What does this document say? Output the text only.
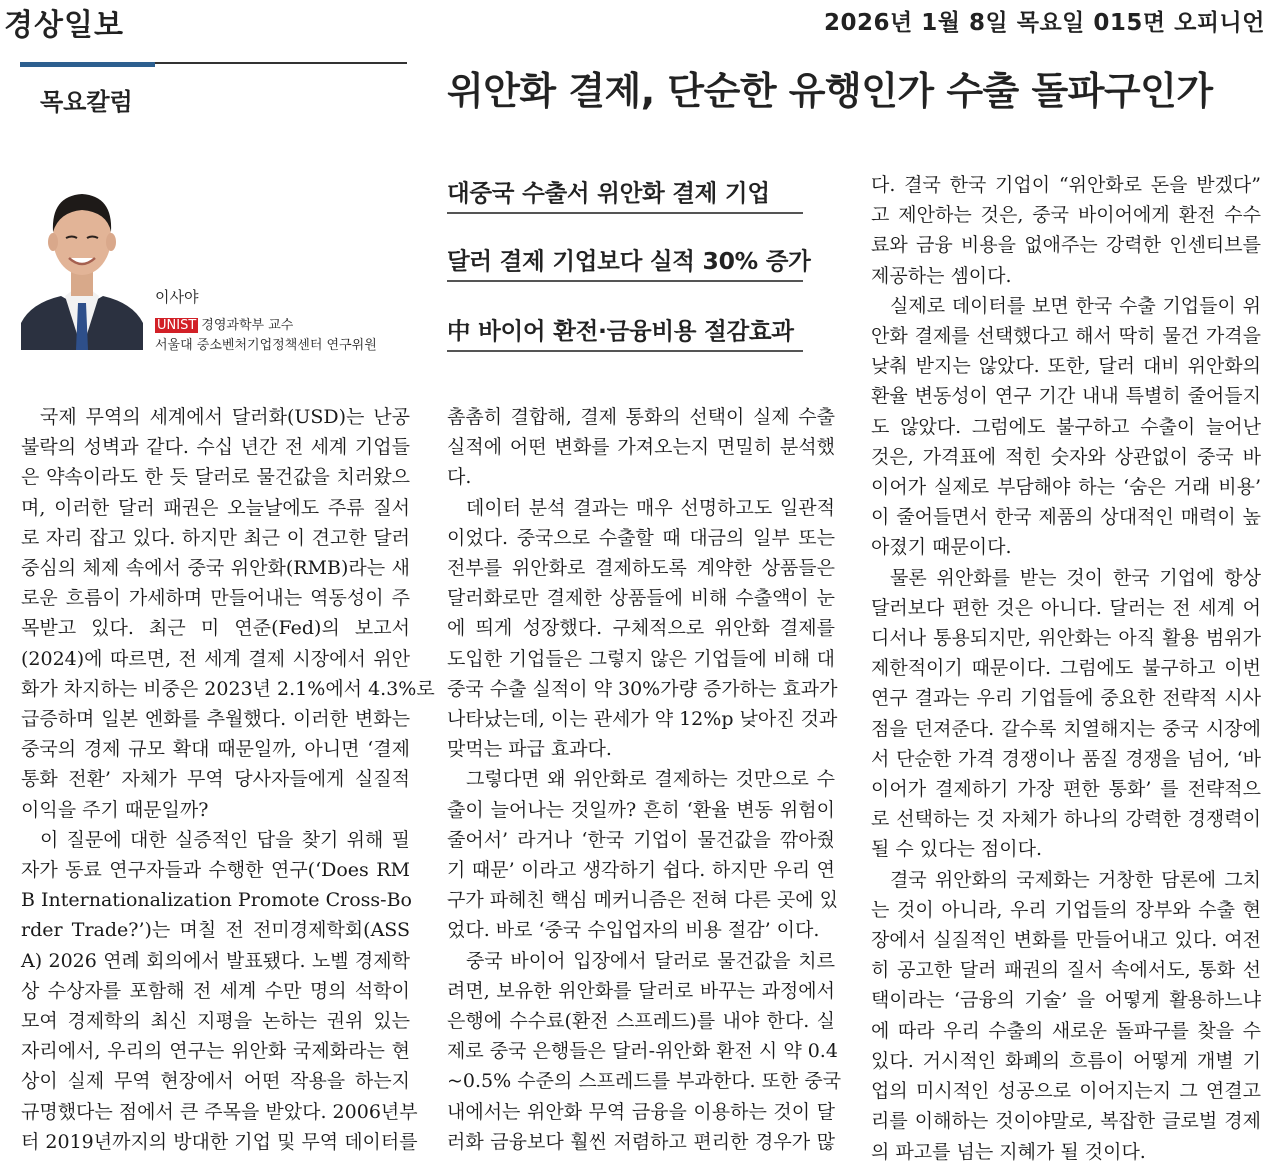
경상일보	2026년 1월 8일 목요일 015면 오피니언
목요칼럼	위안화 결제, 단순한 유행인가 수출 돌파구인가
이사야
UNIST 경영과학부 교수
서울대 중소벤처기업정책센터 연구위원
대중국 수출서 위안화 결제 기업
달러 결제 기업보다 실적 30% 증가
中 바이어 환전·금융비용 절감효과
국제 무역의 세계에서 달러화(USD)는 난공
불락의 성벽과 같다. 수십 년간 전 세계 기업들
은 약속이라도 한 듯 달러로 물건값을 치러왔으
며, 이러한 달러 패권은 오늘날에도 주류 질서
로 자리 잡고 있다. 하지만 최근 이 견고한 달러
중심의 체제 속에서 중국 위안화(RMB)라는 새
로운 흐름이 가세하며 만들어내는 역동성이 주
목받고 있다. 최근 미 연준(Fed)의 보고서
(2024)에 따르면, 전 세계 결제 시장에서 위안
화가 차지하는 비중은 2023년 2.1%에서 4.3%로
급증하며 일본 엔화를 추월했다. 이러한 변화는
중국의 경제 규모 확대 때문일까, 아니면 ‘결제
통화 전환’ 자체가 무역 당사자들에게 실질적
이익을 주기 때문일까?
이 질문에 대한 실증적인 답을 찾기 위해 필
자가 동료 연구자들과 수행한 연구(‘Does RM
B Internationalization Promote Cross-Bo
rder Trade?’)는 며칠 전 전미경제학회(ASS
A) 2026 연례 회의에서 발표됐다. 노벨 경제학
상 수상자를 포함해 전 세계 수만 명의 석학이
모여 경제학의 최신 지평을 논하는 권위 있는
자리에서, 우리의 연구는 위안화 국제화라는 현
상이 실제 무역 현장에서 어떤 작용을 하는지
규명했다는 점에서 큰 주목을 받았다. 2006년부
터 2019년까지의 방대한 기업 및 무역 데이터를
촘촘히 결합해, 결제 통화의 선택이 실제 수출
실적에 어떤 변화를 가져오는지 면밀히 분석했
다.
데이터 분석 결과는 매우 선명하고도 일관적
이었다. 중국으로 수출할 때 대금의 일부 또는
전부를 위안화로 결제하도록 계약한 상품들은
달러화로만 결제한 상품들에 비해 수출액이 눈
에 띄게 성장했다. 구체적으로 위안화 결제를
도입한 기업들은 그렇지 않은 기업들에 비해 대
중국 수출 실적이 약 30%가량 증가하는 효과가
나타났는데, 이는 관세가 약 12%p 낮아진 것과
맞먹는 파급 효과다.
그렇다면 왜 위안화로 결제하는 것만으로 수
출이 늘어나는 것일까? 흔히 ‘환율 변동 위험이
줄어서’ 라거나 ‘한국 기업이 물건값을 깎아줬
기 때문’ 이라고 생각하기 쉽다. 하지만 우리 연
구가 파헤친 핵심 메커니즘은 전혀 다른 곳에 있
었다. 바로 ‘중국 수입업자의 비용 절감’ 이다.
중국 바이어 입장에서 달러로 물건값을 치르
려면, 보유한 위안화를 달러로 바꾸는 과정에서
은행에 수수료(환전 스프레드)를 내야 한다. 실
제로 중국 은행들은 달러-위안화 환전 시 약 0.4
~0.5% 수준의 스프레드를 부과한다. 또한 중국
내에서는 위안화 무역 금융을 이용하는 것이 달
러화 금융보다 훨씬 저렴하고 편리한 경우가 많
다. 결국 한국 기업이 “위안화로 돈을 받겠다”
고 제안하는 것은, 중국 바이어에게 환전 수수
료와 금융 비용을 없애주는 강력한 인센티브를
제공하는 셈이다.
실제로 데이터를 보면 한국 수출 기업들이 위
안화 결제를 선택했다고 해서 딱히 물건 가격을
낮춰 받지는 않았다. 또한, 달러 대비 위안화의
환율 변동성이 연구 기간 내내 특별히 줄어들지
도 않았다. 그럼에도 불구하고 수출이 늘어난
것은, 가격표에 적힌 숫자와 상관없이 중국 바
이어가 실제로 부담해야 하는 ‘숨은 거래 비용’
이 줄어들면서 한국 제품의 상대적인 매력이 높
아졌기 때문이다.
물론 위안화를 받는 것이 한국 기업에 항상
달러보다 편한 것은 아니다. 달러는 전 세계 어
디서나 통용되지만, 위안화는 아직 활용 범위가
제한적이기 때문이다. 그럼에도 불구하고 이번
연구 결과는 우리 기업들에 중요한 전략적 시사
점을 던져준다. 갈수록 치열해지는 중국 시장에
서 단순한 가격 경쟁이나 품질 경쟁을 넘어, ‘바
이어가 결제하기 가장 편한 통화’ 를 전략적으
로 선택하는 것 자체가 하나의 강력한 경쟁력이
될 수 있다는 점이다.
결국 위안화의 국제화는 거창한 담론에 그치
는 것이 아니라, 우리 기업들의 장부와 수출 현
장에서 실질적인 변화를 만들어내고 있다. 여전
히 공고한 달러 패권의 질서 속에서도, 통화 선
택이라는 ‘금융의 기술’ 을 어떻게 활용하느냐
에 따라 우리 수출의 새로운 돌파구를 찾을 수
있다. 거시적인 화폐의 흐름이 어떻게 개별 기
업의 미시적인 성공으로 이어지는지 그 연결고
리를 이해하는 것이야말로, 복잡한 글로벌 경제
의 파고를 넘는 지혜가 될 것이다.
